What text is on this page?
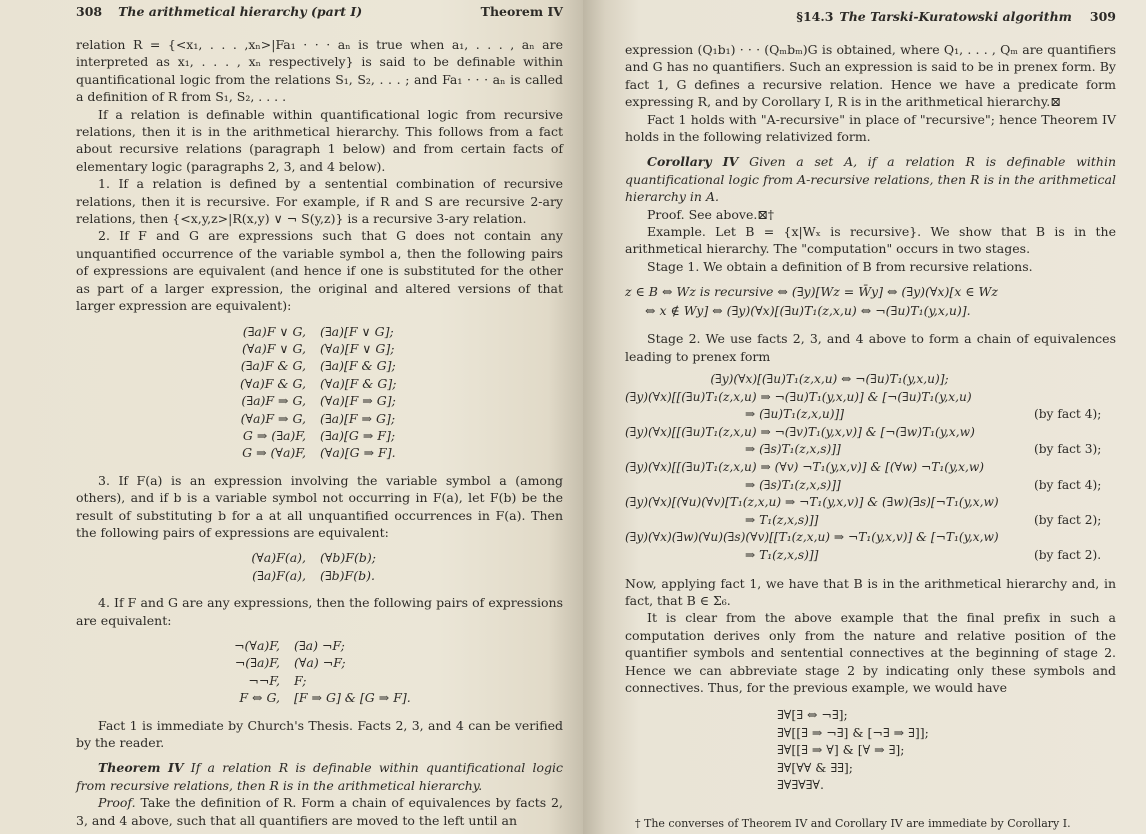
308 The arithmetical hierarchy (part I)	Theorem IV

relation R = {<x₁, . . . ,xₙ>|Fa₁ · · · aₙ is true when a₁, . . . , aₙ are interpreted as x₁, . . . , xₙ respectively} is said to be definable within quantificational logic from the relations S₁, S₂, . . . ; and Fa₁ · · · aₙ is called a definition of R from S₁, S₂, . . . .

If a relation is definable within quantificational logic from recursive relations, then it is in the arithmetical hierarchy. This follows from a fact about recursive relations (paragraph 1 below) and from certain facts of elementary logic (paragraphs 2, 3, and 4 below).

1. If a relation is defined by a sentential combination of recursive relations, then it is recursive. For example, if R and S are recursive 2-ary relations, then {<x,y,z>|R(x,y) ∨ ¬ S(y,z)} is a recursive 3-ary relation.

2. If F and G are expressions such that G does not contain any unquantified occurrence of the variable symbol a, then the following pairs of expressions are equivalent (and hence if one is substituted for the other as part of a larger expression, the original and altered versions of that larger expression are equivalent):

(∃a)F ∨ G,	(∃a)[F ∨ G];
(∀a)F ∨ G,	(∀a)[F ∨ G];
(∃a)F & G,	(∃a)[F & G];
(∀a)F & G,	(∀a)[F & G];
(∃a)F ⇒ G,	(∀a)[F ⇒ G];
(∀a)F ⇒ G,	(∃a)[F ⇒ G];
G ⇒ (∃a)F,	(∃a)[G ⇒ F];
G ⇒ (∀a)F,	(∀a)[G ⇒ F].

3. If F(a) is an expression involving the variable symbol a (among others), and if b is a variable symbol not occurring in F(a), let F(b) be the result of substituting b for a at all unquantified occurrences in F(a). Then the following pairs of expressions are equivalent:

(∀a)F(a),	(∀b)F(b);
(∃a)F(a),	(∃b)F(b).

4. If F and G are any expressions, then the following pairs of expressions are equivalent:

¬(∀a)F,	(∃a) ¬F;
¬(∃a)F,	(∀a) ¬F;
¬¬F,	F;
F ⇔ G,	[F ⇒ G] & [G ⇒ F].

Fact 1 is immediate by Church's Thesis. Facts 2, 3, and 4 can be verified by the reader.

Theorem IV If a relation R is definable within quantificational logic from recursive relations, then R is in the arithmetical hierarchy.

Proof. Take the definition of R. Form a chain of equivalences by facts 2, 3, and 4 above, such that all quantifiers are moved to the left until an

§14.3 The Tarski-Kuratowski algorithm 309

expression (Q₁b₁) · · · (Qₘbₘ)G is obtained, where Q₁, . . . , Qₘ are quantifiers and G has no quantifiers. Such an expression is said to be in prenex form. By fact 1, G defines a recursive relation. Hence we have a predicate form expressing R, and by Corollary I, R is in the arithmetical hierarchy.⊠

Fact 1 holds with "A-recursive" in place of "recursive"; hence Theorem IV holds in the following relativized form.

Corollary IV Given a set A, if a relation R is definable within quantificational logic from A-recursive relations, then R is in the arithmetical hierarchy in A.

Proof. See above.⊠†

Example. Let B = {x|Wₓ is recursive}. We show that B is in the arithmetical hierarchy. The "computation" occurs in two stages.

Stage 1. We obtain a definition of B from recursive relations.

z ∈ B ⇔ Wz is recursive ⇔ (∃y)[Wz = W̄y] ⇔ (∃y)(∀x)[x ∈ Wz
⇔ x ∉ Wy] ⇔ (∃y)(∀x)[(∃u)T₁(z,x,u) ⇔ ¬(∃u)T₁(y,x,u)].

Stage 2. We use facts 2, 3, and 4 above to form a chain of equivalences leading to prenex form

(∃y)(∀x)[(∃u)T₁(z,x,u) ⇔ ¬(∃u)T₁(y,x,u)];
(∃y)(∀x)[[(∃u)T₁(z,x,u) ⇒ ¬(∃u)T₁(y,x,u)] & [¬(∃u)T₁(y,x,u)
⇒ (∃u)T₁(z,x,u)]]	(by fact 4);
(∃y)(∀x)[[(∃u)T₁(z,x,u) ⇒ ¬(∃v)T₁(y,x,v)] & [¬(∃w)T₁(y,x,w)
⇒ (∃s)T₁(z,x,s)]]	(by fact 3);
(∃y)(∀x)[[(∃u)T₁(z,x,u) ⇒ (∀v) ¬T₁(y,x,v)] & [(∀w) ¬T₁(y,x,w)
⇒ (∃s)T₁(z,x,s)]]	(by fact 4);
(∃y)(∀x)[(∀u)(∀v)[T₁(z,x,u) ⇒ ¬T₁(y,x,v)] & (∃w)(∃s)[¬T₁(y,x,w)
⇒ T₁(z,x,s)]]	(by fact 2);
(∃y)(∀x)(∃w)(∀u)(∃s)(∀v)[[T₁(z,x,u) ⇒ ¬T₁(y,x,v)] & [¬T₁(y,x,w)
⇒ T₁(z,x,s)]]	(by fact 2).

Now, applying fact 1, we have that B is in the arithmetical hierarchy and, in fact, that B ∈ Σ₆.

It is clear from the above example that the final prefix in such a computation derives only from the nature and relative position of the quantifier symbols and sentential connectives at the beginning of stage 2. Hence we can abbreviate stage 2 by indicating only these symbols and connectives. Thus, for the previous example, we would have

∃∀[∃ ⇔ ¬∃];
∃∀[[∃ ⇒ ¬∃] & [¬∃ ⇒ ∃]];
∃∀[[∃ ⇒ ∀] & [∀ ⇒ ∃];
∃∀[∀∀ & ∃∃];
∃∀∃∀∃∀.
† The converses of Theorem IV and Corollary IV are immediate by Corollary I.
